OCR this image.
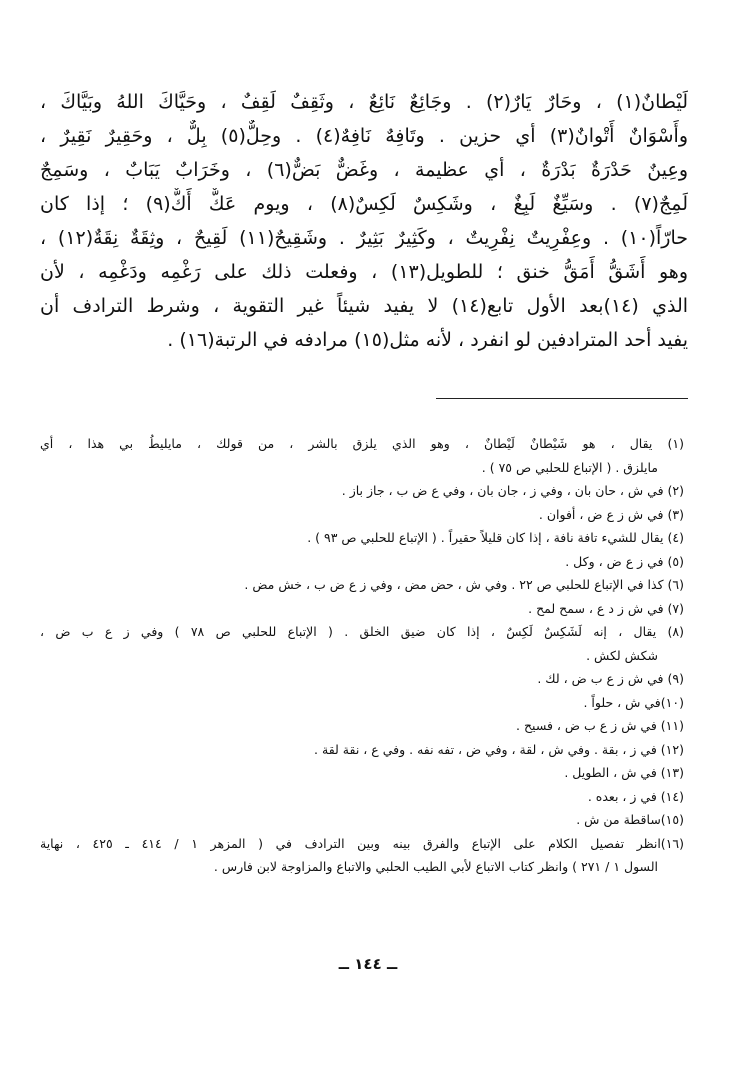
لَيْطانٌ(١) ، وحَارٌ يَارٌ(٢) . وجَائِعٌ نَائِعٌ ، وثَقِفٌ لَقِفٌ ، وحَيَّاكَ اللهُ وبَيَّاكَ ،
وأَسْوَانٌ أَتْوانٌ(٣) أي حزين . وتَافِهٌ نَافِهٌ(٤) . وحِلٌّ(٥) بِلٌّ ، وحَقِيرٌ نَقِيرٌ ،
وعِينٌ حَدْرَةٌ بَدْرَةٌ ، أي عظيمة ، وغَضٌّ بَضٌّ(٦) ، وخَرَابٌ يَبَابٌ ، وسَمِجٌ
لَمِجٌ(٧) . وسَيِّغٌ لَبِغٌ ، وشَكِسٌ لَكِسٌ(٨) ، ويوم عَكٌّ أَكٌّ(٩) ؛ إذا كان
حارّاً(١٠) . وعِفْرِيتٌ نِفْرِيتٌ ، وكَثِيرٌ بَثِيرٌ . وشَقِيحٌ(١١) لَقِيحٌ ، وثِقَةٌ نِقَةٌ(١٢) ،
وهو أَشَقُّ أَمَقُّ خنق ؛ للطويل(١٣) ، وفعلت ذلك على رَغْمِه ودَغْمِه ، لأن
الذي (١٤)بعد الأول تابع(١٤) لا يفيد شيئاً غير التقوية ، وشرط الترادف أن
يفيد أحد المترادفين لو انفرد ، لأنه مثل(١٥) مرادفه في الرتبة(١٦) .
(١) يقال ، هو شَيْطانٌ لَيْطانٌ ، وهو الذي يلزق بالشر ، من قولك ، مايليطُ بي هذا ، أي
مايلزق . ( الإتباع للحلبي ص ٧٥ ) .
(٢) في ش ، حان بان ، وفي ز ، جان بان ، وفي ع ض ب ، جاز باز .
(٣) في ش ز ع ض ، أفوان .
(٤) يقال للشيء تافة نافة ، إذا كان قليلاً حقيراً . ( الإتباع للحلبي ص ٩٣ ) .
(٥) في ز ع ض ، وكل .
(٦) كذا في الإتباع للحلبي ص ٢٢ . وفي ش ، حض مض ، وفي ز ع ض ب ، خش مض .
(٧) في ش ز د ع ، سمح لمح .
(٨) يقال ، إنه لَشَكِسٌ لَكِسٌ ، إذا كان ضيق الخلق . ( الإتباع للحلبي ص ٧٨ ) وفي ز ع ب ض ،
شكش لكش .
(٩) في ش ز ع ب ض ، لك .
(١٠)في ش ، حلواً .
(١١) في ش ز ع ب ض ، فسيح .
(١٢) في ز ، بقة . وفي ش ، لقة ، وفي ض ، تفه نفه . وفي ع ، نقة لقة .
(١٣) في ش ، الطويل .
(١٤) في ز ، بعده .
(١٥)ساقطة من ش .
(١٦)انظر تفصيل الكلام على الإتباع والفرق بينه وبين الترادف في ( المزهر ١ / ٤١٤ ـ ٤٢٥ ، نهاية
السول ١ / ٢٧١ ) وانظر كتاب الاتباع لأبي الطيب الحلبي والاتباع والمزاوجة لابن فارس .
ــ ١٤٤ ــ
